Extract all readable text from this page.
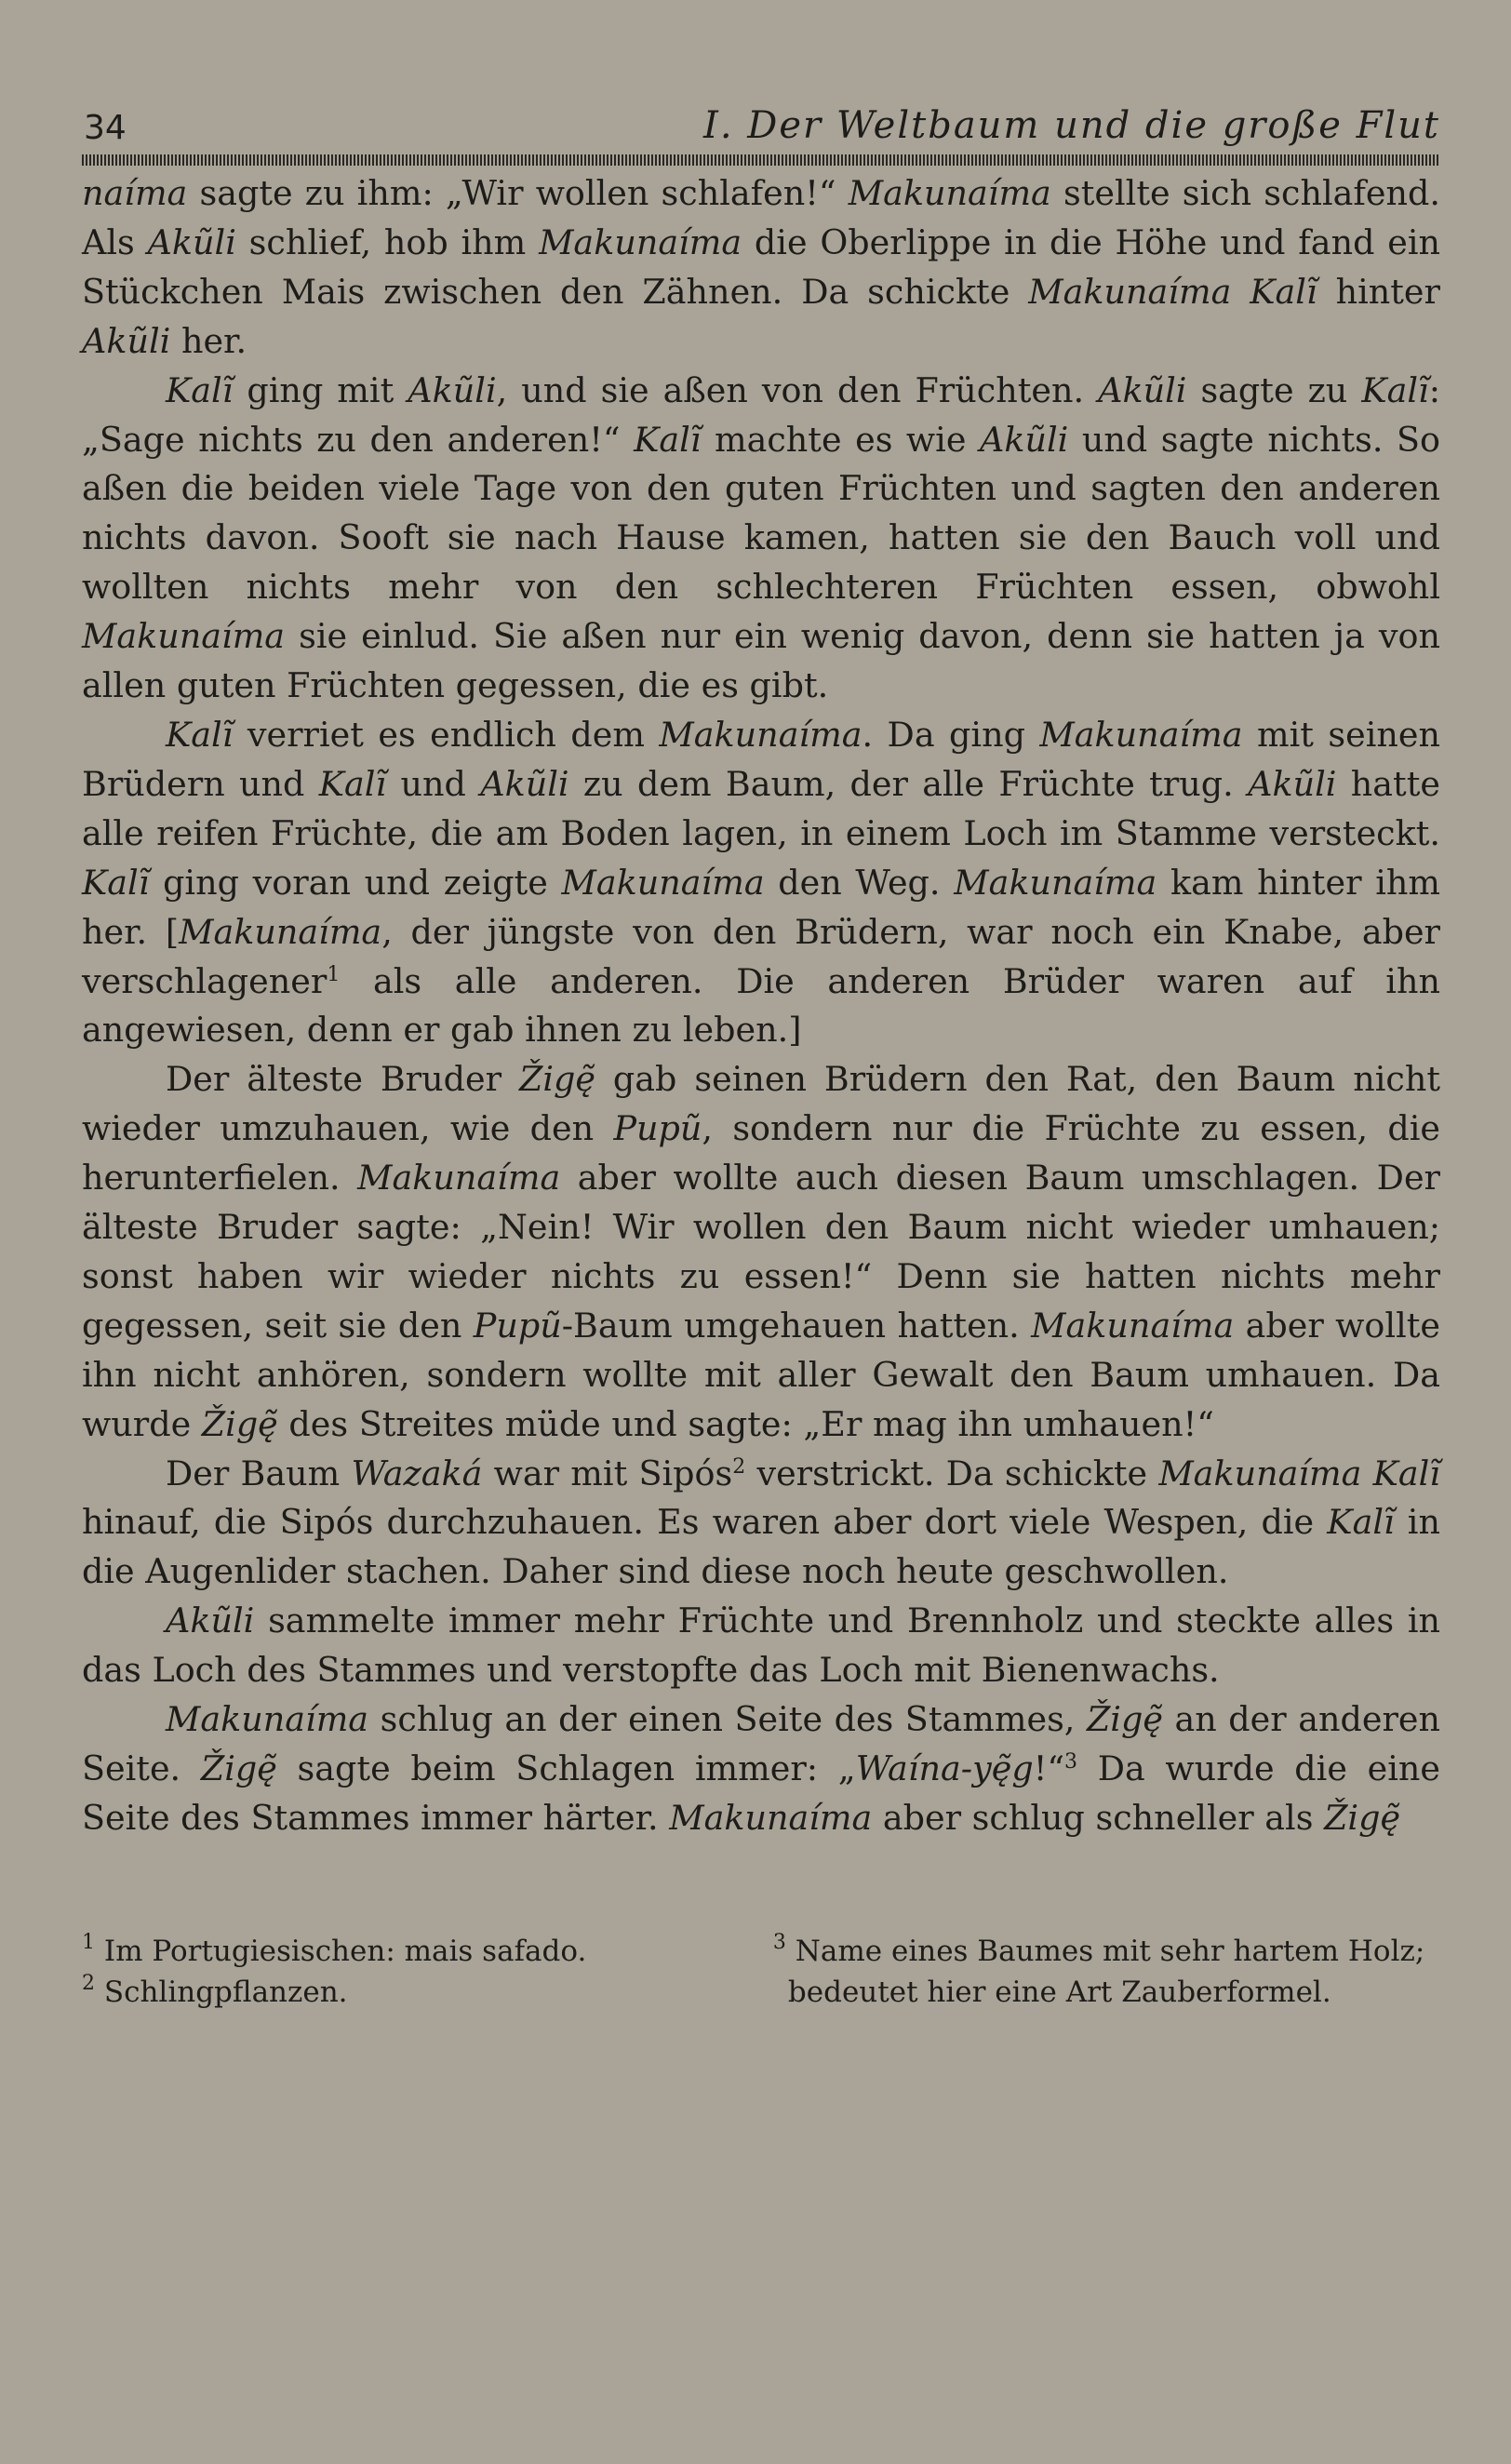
34	I. Der Weltbaum und die große Flut

naíma sagte zu ihm: „Wir wollen schlafen!“ Makunaíma stellte sich schlafend. Als Akũli schlief, hob ihm Makunaíma die Oberlippe in die Höhe und fand ein Stückchen Mais zwischen den Zähnen. Da schickte Makunaíma Kalĩ hinter Akũli her.

Kalĩ ging mit Akũli, und sie aßen von den Früchten. Akũli sagte zu Kalĩ: „Sage nichts zu den anderen!“ Kalĩ machte es wie Akũli und sagte nichts. So aßen die beiden viele Tage von den guten Früchten und sagten den anderen nichts davon. Sooft sie nach Hause kamen, hatten sie den Bauch voll und wollten nichts mehr von den schlechteren Früchten essen, obwohl Makunaíma sie einlud. Sie aßen nur ein wenig davon, denn sie hatten ja von allen guten Früchten gegessen, die es gibt.

Kalĩ verriet es endlich dem Makunaíma. Da ging Makunaíma mit seinen Brüdern und Kalĩ und Akũli zu dem Baum, der alle Früchte trug. Akũli hatte alle reifen Früchte, die am Boden lagen, in einem Loch im Stamme versteckt. Kalĩ ging voran und zeigte Makunaíma den Weg. Makunaíma kam hinter ihm her. [Makunaíma, der jüngste von den Brüdern, war noch ein Knabe, aber verschlagener$^1$ als alle anderen. Die anderen Brüder waren auf ihn angewiesen, denn er gab ihnen zu leben.]

Der älteste Bruder Žigę̃ gab seinen Brüdern den Rat, den Baum nicht wieder umzuhauen, wie den Pupũ, sondern nur die Früchte zu essen, die herunterfielen. Makunaíma aber wollte auch diesen Baum umschlagen. Der älteste Bruder sagte: „Nein! Wir wollen den Baum nicht wieder umhauen; sonst haben wir wieder nichts zu essen!“ Denn sie hatten nichts mehr gegessen, seit sie den Pupũ-Baum umgehauen hatten. Makunaíma aber wollte ihn nicht anhören, sondern wollte mit aller Gewalt den Baum umhauen. Da wurde Žigę̃ des Streites müde und sagte: „Er mag ihn umhauen!“

Der Baum Wazaká war mit Sipós$^2$ verstrickt. Da schickte Makunaíma Kalĩ hinauf, die Sipós durchzuhauen. Es waren aber dort viele Wespen, die Kalĩ in die Augenlider stachen. Daher sind diese noch heute geschwollen.

Akũli sammelte immer mehr Früchte und Brennholz und steckte alles in das Loch des Stammes und verstopfte das Loch mit Bienenwachs.

Makunaíma schlug an der einen Seite des Stammes, Žigę̃ an der anderen Seite. Žigę̃ sagte beim Schlagen immer: „Waína-yę̃g!“$^3$ Da wurde die eine Seite des Stammes immer härter. Makunaíma aber schlug schneller als Žigę̃

$^1$ Im Portugiesischen: mais safado.

$^2$ Schlingpflanzen.

$^3$ Name eines Baumes mit sehr hartem Holz;

bedeutet hier eine Art Zauberformel.
